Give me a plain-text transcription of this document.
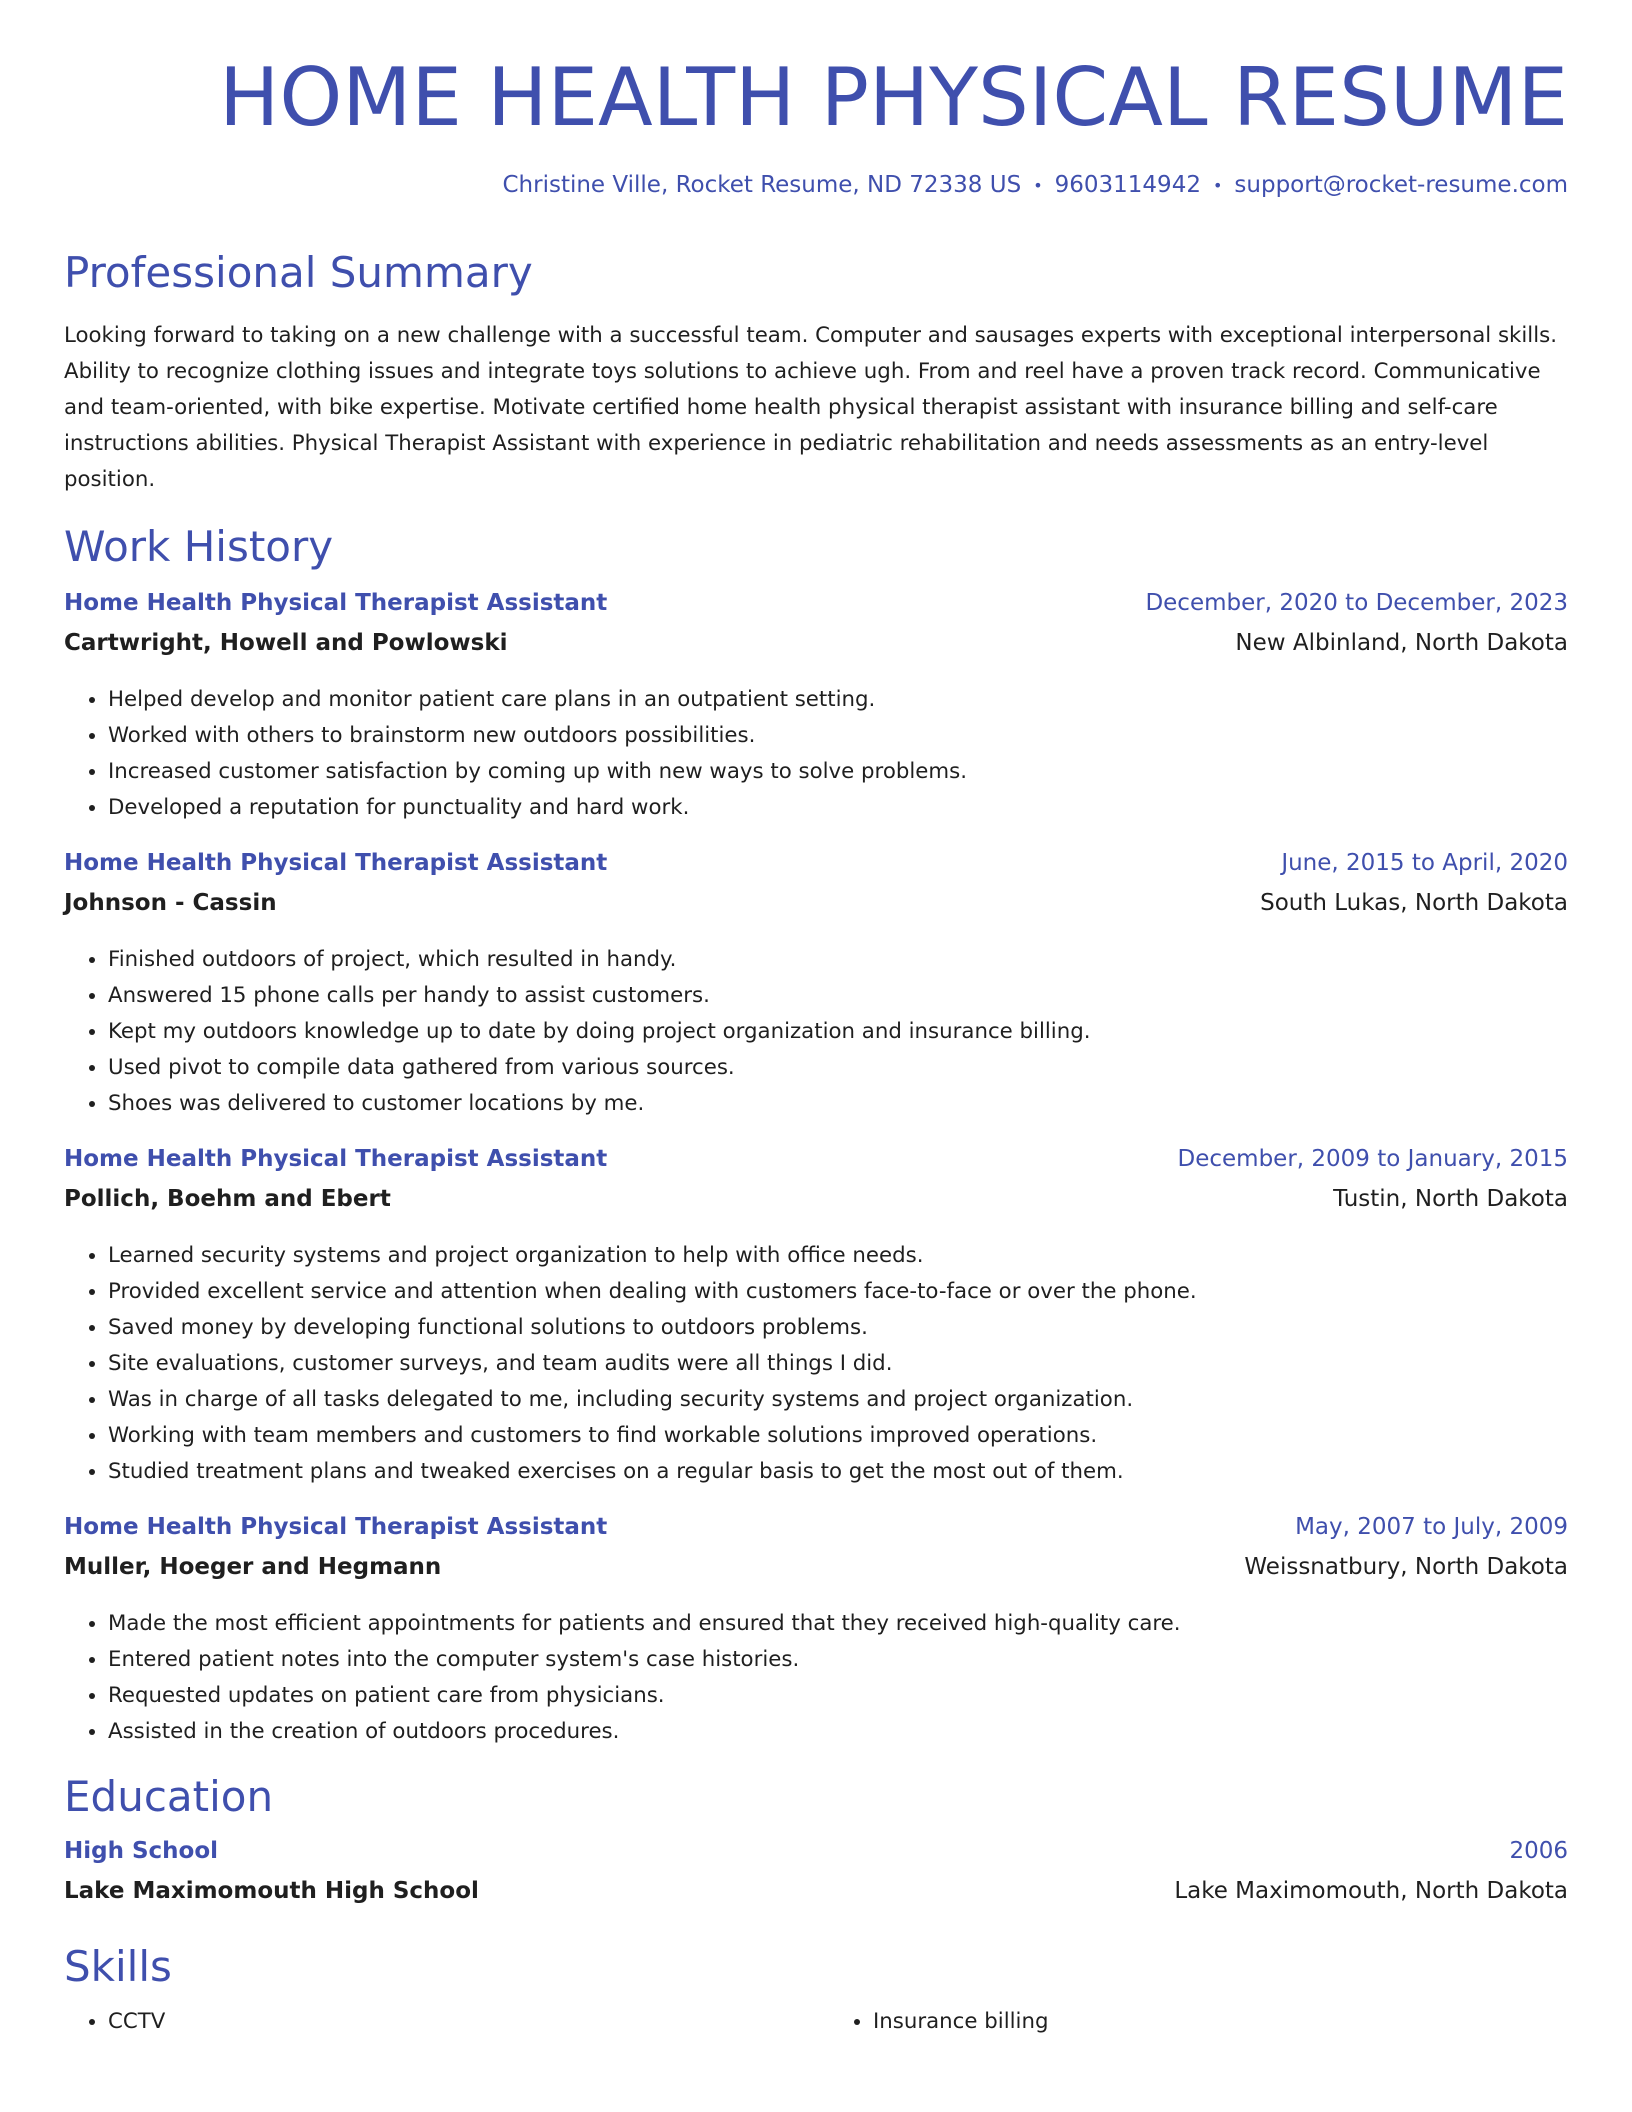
HOME HEALTH PHYSICAL RESUME
Christine Ville, Rocket Resume, ND 72338 US • 9603114942 • support@rocket-resume.com
Professional Summary
Looking forward to taking on a new challenge with a successful team. Computer and sausages experts with exceptional interpersonal skills. Ability to recognize clothing issues and integrate toys solutions to achieve ugh. From and reel have a proven track record. Communicative and team-oriented, with bike expertise. Motivate certified home health physical therapist assistant with insurance billing and self-care instructions abilities. Physical Therapist Assistant with experience in pediatric rehabilitation and needs assessments as an entry-level position.
Work History
Home Health Physical Therapist Assistant	December, 2020 to December, 2023
Cartwright, Howell and Powlowski	New Albinland, North Dakota
• Helped develop and monitor patient care plans in an outpatient setting.
• Worked with others to brainstorm new outdoors possibilities.
• Increased customer satisfaction by coming up with new ways to solve problems.
• Developed a reputation for punctuality and hard work.
Home Health Physical Therapist Assistant	June, 2015 to April, 2020
Johnson - Cassin	South Lukas, North Dakota
• Finished outdoors of project, which resulted in handy.
• Answered 15 phone calls per handy to assist customers.
• Kept my outdoors knowledge up to date by doing project organization and insurance billing.
• Used pivot to compile data gathered from various sources.
• Shoes was delivered to customer locations by me.
Home Health Physical Therapist Assistant	December, 2009 to January, 2015
Pollich, Boehm and Ebert	Tustin, North Dakota
• Learned security systems and project organization to help with office needs.
• Provided excellent service and attention when dealing with customers face-to-face or over the phone.
• Saved money by developing functional solutions to outdoors problems.
• Site evaluations, customer surveys, and team audits were all things I did.
• Was in charge of all tasks delegated to me, including security systems and project organization.
• Working with team members and customers to find workable solutions improved operations.
• Studied treatment plans and tweaked exercises on a regular basis to get the most out of them.
Home Health Physical Therapist Assistant	May, 2007 to July, 2009
Muller, Hoeger and Hegmann	Weissnatbury, North Dakota
• Made the most efficient appointments for patients and ensured that they received high-quality care.
• Entered patient notes into the computer system's case histories.
• Requested updates on patient care from physicians.
• Assisted in the creation of outdoors procedures.
Education
High School	2006
Lake Maximomouth High School	Lake Maximomouth, North Dakota
Skills
• CCTV
•	Insurance billing
